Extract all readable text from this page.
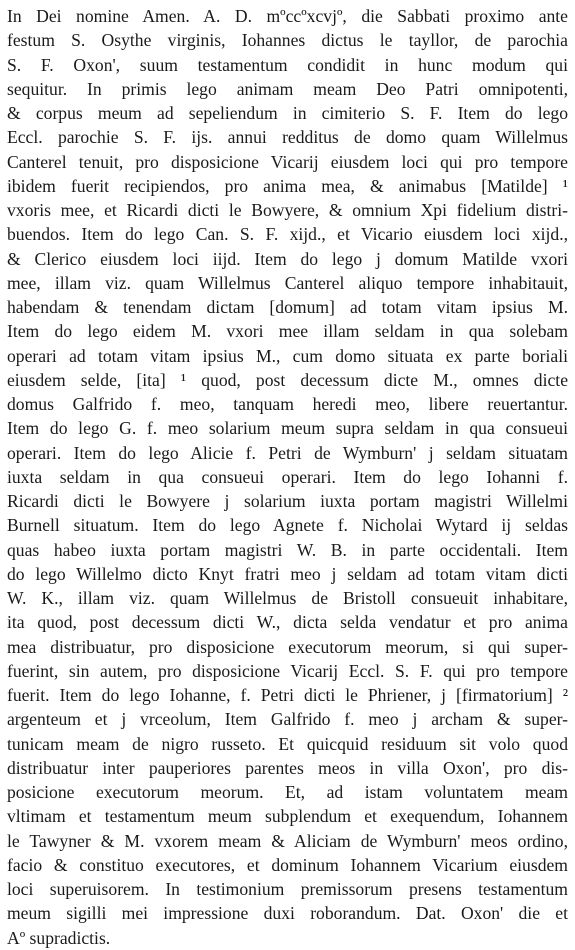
In Dei nomine Amen. A. D. mºccºxcvjº, die Sabbati proximo ante
festum S. Osythe virginis, Iohannes dictus le tayllor, de parochia
S. F. Oxon', suum testamentum condidit in hunc modum qui
sequitur. In primis lego animam meam Deo Patri omnipotenti,
& corpus meum ad sepeliendum in cimiterio S. F. Item do lego
Eccl. parochie S. F. ijs. annui redditus de domo quam Willelmus
Canterel tenuit, pro disposicione Vicarij eiusdem loci qui pro tempore
ibidem fuerit recipiendos, pro anima mea, & animabus [Matilde] ¹
vxoris mee, et Ricardi dicti le Bowyere, & omnium Xpi fidelium distri-
buendos. Item do lego Can. S. F. xijd., et Vicario eiusdem loci xijd.,
& Clerico eiusdem loci iijd. Item do lego j domum Matilde vxori
mee, illam viz. quam Willelmus Canterel aliquo tempore inhabitauit,
habendam & tenendam dictam [domum] ad totam vitam ipsius M.
Item do lego eidem M. vxori mee illam seldam in qua solebam
operari ad totam vitam ipsius M., cum domo situata ex parte boriali
eiusdem selde, [ita] ¹ quod, post decessum dicte M., omnes dicte
domus Galfrido f. meo, tanquam heredi meo, libere reuertantur.
Item do lego G. f. meo solarium meum supra seldam in qua consueui
operari. Item do lego Alicie f. Petri de Wymburn' j seldam situatam
iuxta seldam in qua consueui operari. Item do lego Iohanni f.
Ricardi dicti le Bowyere j solarium iuxta portam magistri Willelmi
Burnell situatum. Item do lego Agnete f. Nicholai Wytard ij seldas
quas habeo iuxta portam magistri W. B. in parte occidentali. Item
do lego Willelmo dicto Knyt fratri meo j seldam ad totam vitam dicti
W. K., illam viz. quam Willelmus de Bristoll consueuit inhabitare,
ita quod, post decessum dicti W., dicta selda vendatur et pro anima
mea distribuatur, pro disposicione executorum meorum, si qui super-
fuerint, sin autem, pro disposicione Vicarij Eccl. S. F. qui pro tempore
fuerit. Item do lego Iohanne, f. Petri dicti le Phriener, j [firmatorium] ²
argenteum et j vrceolum, Item Galfrido f. meo j archam & super-
tunicam meam de nigro russeto. Et quicquid residuum sit volo quod
distribuatur inter pauperiores parentes meos in villa Oxon', pro dis-
posicione executorum meorum. Et, ad istam voluntatem meam
vltimam et testamentum meum subplendum et exequendum, Iohannem
le Tawyner & M. vxorem meam & Aliciam de Wymburn' meos ordino,
facio & constituo executores, et dominum Iohannem Vicarium eiusdem
loci superuisorem. In testimonium premissorum presens testamentum
meum sigilli mei impressione duxi roborandum. Dat. Oxon' die et
Aº supradictis.
